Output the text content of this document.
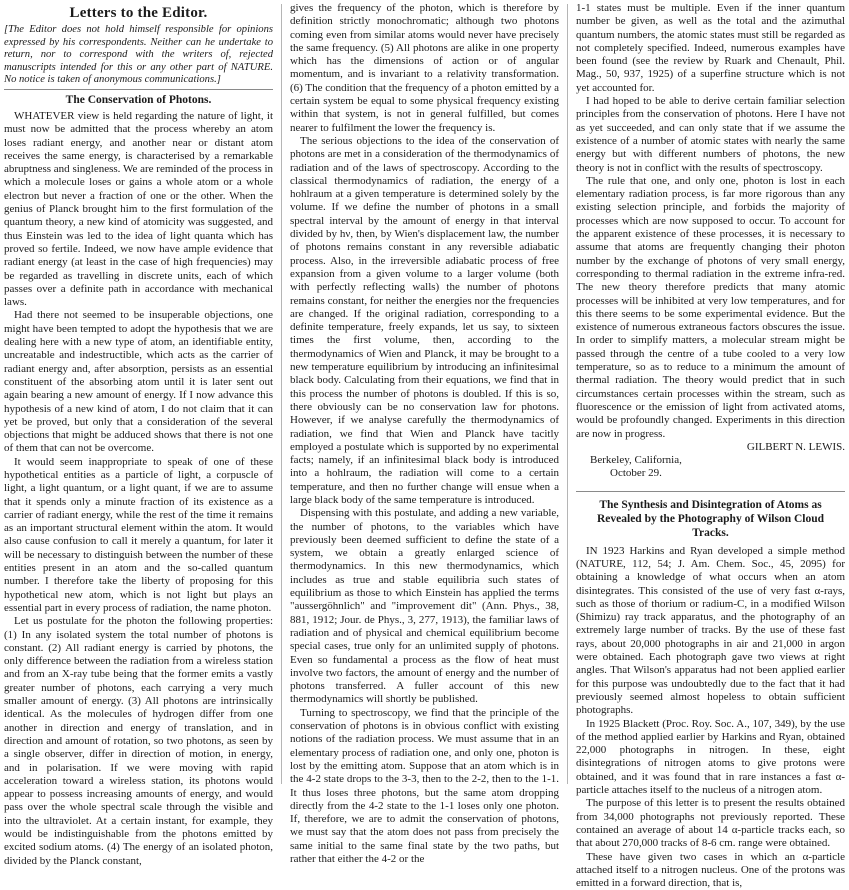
Letters to the Editor.

[The Editor does not hold himself responsible for opinions expressed by his correspondents. Neither can he undertake to return, nor to correspond with the writers of, rejected manuscripts intended for this or any other part of NATURE. No notice is taken of anonymous communications.]

The Conservation of Photons.

WHATEVER view is held regarding the nature of light, it must now be admitted that the process whereby an atom loses radiant energy, and another near or distant atom receives the same energy, is characterised by a remarkable abruptness and singleness. We are reminded of the process in which a molecule loses or gains a whole atom or a whole electron but never a fraction of one or the other. When the genius of Planck brought him to the first formulation of the quantum theory, a new kind of atomicity was suggested, and thus Einstein was led to the idea of light quanta which has proved so fertile. Indeed, we now have ample evidence that radiant energy (at least in the case of high frequencies) may be regarded as travelling in discrete units, each of which passes over a definite path in accordance with mechanical laws.

Had there not seemed to be insuperable objections, one might have been tempted to adopt the hypothesis that we are dealing here with a new type of atom, an identifiable entity, uncreatable and indestructible, which acts as the carrier of radiant energy and, after absorption, persists as an essential constituent of the absorbing atom until it is later sent out again bearing a new amount of energy. If I now advance this hypothesis of a new kind of atom, I do not claim that it can yet be proved, but only that a consideration of the several objections that might be adduced shows that there is not one of them that can not be overcome.

It would seem inappropriate to speak of one of these hypothetical entities as a particle of light, a corpuscle of light, a light quantum, or a light quant, if we are to assume that it spends only a minute fraction of its existence as a carrier of radiant energy, while the rest of the time it remains as an important structural element within the atom. It would also cause confusion to call it merely a quantum, for later it will be necessary to distinguish between the number of these entities present in an atom and the so-called quantum number. I therefore take the liberty of proposing for this hypothetical new atom, which is not light but plays an essential part in every process of radiation, the name photon.

Let us postulate for the photon the following properties: (1) In any isolated system the total number of photons is constant. (2) All radiant energy is carried by photons, the only difference between the radiation from a wireless station and from an X-ray tube being that the former emits a vastly greater number of photons, each carrying a very much smaller amount of energy. (3) All photons are intrinsically identical. As the molecules of hydrogen differ from one another in direction and energy of translation, and in direction and amount of rotation, so two photons, as seen by a single observer, differ in direction of motion, in energy, and in polarisation. If we were moving with rapid acceleration toward a wireless station, its photons would appear to possess increasing amounts of energy, and would pass over the whole spectral scale through the visible and into the ultraviolet. At a certain instant, for example, they would be indistinguishable from the photons emitted by excited sodium atoms. (4) The energy of an isolated photon, divided by the Planck constant,

gives the frequency of the photon, which is therefore by definition strictly monochromatic; although two photons coming even from similar atoms would never have precisely the same frequency. (5) All photons are alike in one property which has the dimensions of action or of angular momentum, and is invariant to a relativity transformation. (6) The condition that the frequency of a photon emitted by a certain system be equal to some physical frequency existing within that system, is not in general fulfilled, but comes nearer to fulfilment the lower the frequency is.

The serious objections to the idea of the conservation of photons are met in a consideration of the thermodynamics of radiation and of the laws of spectroscopy. According to the classical thermodynamics of radiation, the energy of a hohlraum at a given temperature is determined solely by the volume. If we define the number of photons in a small spectral interval by the amount of energy in that interval divided by hν, then, by Wien's displacement law, the number of photons remains constant in any reversible adiabatic process. Also, in the irreversible adiabatic process of free expansion from a given volume to a larger volume (both with perfectly reflecting walls) the number of photons remains constant, for neither the energies nor the frequencies are changed. If the original radiation, corresponding to a definite temperature, freely expands, let us say, to sixteen times the first volume, then, according to the thermodynamics of Wien and Planck, it may be brought to a new temperature equilibrium by introducing an infinitesimal black body. Calculating from their equations, we find that in this process the number of photons is doubled. If this is so, there obviously can be no conservation law for photons. However, if we analyse carefully the thermodynamics of radiation, we find that Wien and Planck have tacitly employed a postulate which is supported by no experimental facts; namely, if an infinitesimal black body is introduced into a hohlraum, the radiation will come to a certain temperature, and then no further change will ensue when a large black body of the same temperature is introduced.

Dispensing with this postulate, and adding a new variable, the number of photons, to the variables which have previously been deemed sufficient to define the state of a system, we obtain a greatly enlarged science of thermodynamics. In this new thermodynamics, which includes as true and stable equilibria such states of equilibrium as those to which Einstein has applied the terms "aussergöhnlich" and "improvement dit" (Ann. Phys., 38, 881, 1912; Jour. de Phys., 3, 277, 1913), the familiar laws of radiation and of physical and chemical equilibrium become special cases, true only for an unlimited supply of photons. Even so fundamental a process as the flow of heat must involve two factors, the amount of energy and the number of photons transferred. A fuller account of this new thermodynamics will shortly be published.

Turning to spectroscopy, we find that the principle of the conservation of photons is in obvious conflict with existing notions of the radiation process. We must assume that in an elementary process of radiation one, and only one, photon is lost by the emitting atom. Suppose that an atom which is in the 4-2 state drops to the 3-3, then to the 2-2, then to the 1-1. It thus loses three photons, but the same atom dropping directly from the 4-2 state to the 1-1 loses only one photon. If, therefore, we are to admit the conservation of photons, we must say that the atom does not pass from precisely the same initial to the same final state by the two paths, but rather that either the 4-2 or the

1-1 states must be multiple. Even if the inner quantum number be given, as well as the total and the azimuthal quantum numbers, the atomic states must still be regarded as not completely specified. Indeed, numerous examples have been found (see the review by Ruark and Chenault, Phil. Mag., 50, 937, 1925) of a superfine structure which is not yet accounted for.

I had hoped to be able to derive certain familiar selection principles from the conservation of photons. Here I have not as yet succeeded, and can only state that if we assume the existence of a number of atomic states with nearly the same energy but with different numbers of photons, the new theory is not in conflict with the results of spectroscopy.

The rule that one, and only one, photon is lost in each elementary radiation process, is far more rigorous than any existing selection principle, and forbids the majority of processes which are now supposed to occur. To account for the apparent existence of these processes, it is necessary to assume that atoms are frequently changing their photon number by the exchange of photons of very small energy, corresponding to thermal radiation in the extreme infra-red. The new theory therefore predicts that many atomic processes will be inhibited at very low temperatures, and for this there seems to be some experimental evidence. But the existence of numerous extraneous factors obscures the issue. In order to simplify matters, a molecular stream might be passed through the centre of a tube cooled to a very low temperature, so as to reduce to a minimum the amount of thermal radiation. The theory would predict that in such circumstances certain processes within the stream, such as fluorescence or the emission of light from activated atoms, would be profoundly changed. Experiments in this direction are now in progress.

GILBERT N. LEWIS.

Berkeley, California,

October 29.

The Synthesis and Disintegration of Atoms as Revealed by the Photography of Wilson Cloud Tracks.

IN 1923 Harkins and Ryan developed a simple method (NATURE, 112, 54; J. Am. Chem. Soc., 45, 2095) for obtaining a knowledge of what occurs when an atom disintegrates. This consisted of the use of very fast α-rays, such as those of thorium or radium-C, in a modified Wilson (Shimizu) ray track apparatus, and the photography of an extremely large number of tracks. By the use of these fast rays, about 20,000 photographs in air and 21,000 in argon were obtained. Each photograph gave two views at right angles. That Wilson's apparatus had not been applied earlier for this purpose was undoubtedly due to the fact that it had previously seemed almost hopeless to obtain sufficient photographs.

In 1925 Blackett (Proc. Roy. Soc. A., 107, 349), by the use of the method applied earlier by Harkins and Ryan, obtained 22,000 photographs in nitrogen. In these, eight disintegrations of nitrogen atoms to give protons were obtained, and it was found that in rare instances a fast α-particle attaches itself to the nucleus of a nitrogen atom.

The purpose of this letter is to present the results obtained from 34,000 photographs not previously reported. These contained an average of about 14 α-particle tracks each, so that about 270,000 tracks of 8-6 cm. range were obtained.

These have given two cases in which an α-particle attached itself to a nitrogen nucleus. One of the protons was emitted in a forward direction, that is,
